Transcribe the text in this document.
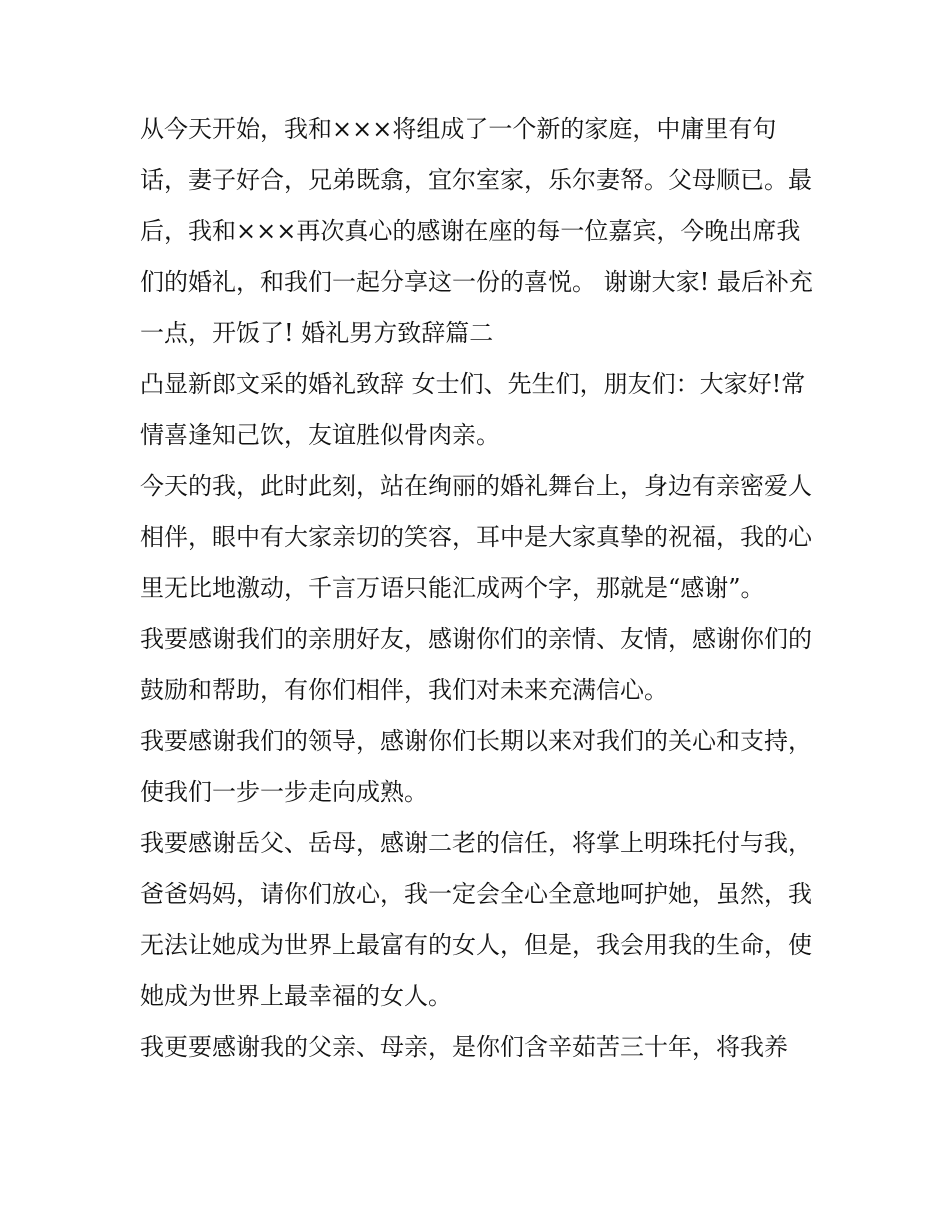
从今天开始，我和×××将组成了一个新的家庭，中庸里有句话，妻子好合，兄弟既翕，宜尔室家，乐尔妻帑。父母顺已。最后，我和×××再次真心的感谢在座的每一位嘉宾，今晚出席我们的婚礼，和我们一起分享这一份的喜悦。 谢谢大家! 最后补充一点，开饭了! 婚礼男方致辞篇二

凸显新郎文采的婚礼致辞 女士们、先生们，朋友们：大家好!常情喜逢知己饮，友谊胜似骨肉亲。

今天的我，此时此刻，站在绚丽的婚礼舞台上，身边有亲密爱人相伴，眼中有大家亲切的笑容，耳中是大家真挚的祝福，我的心里无比地激动，千言万语只能汇成两个字，那就是“感谢”。

我要感谢我们的亲朋好友，感谢你们的亲情、友情，感谢你们的鼓励和帮助，有你们相伴，我们对未来充满信心。

我要感谢我们的领导，感谢你们长期以来对我们的关心和支持，使我们一步一步走向成熟。

我要感谢岳父、岳母，感谢二老的信任，将掌上明珠托付与我，爸爸妈妈，请你们放心，我一定会全心全意地呵护她，虽然，我无法让她成为世界上最富有的女人，但是，我会用我的生命，使她成为世界上最幸福的女人。

我更要感谢我的父亲、母亲，是你们含辛茹苦三十年，将我养
